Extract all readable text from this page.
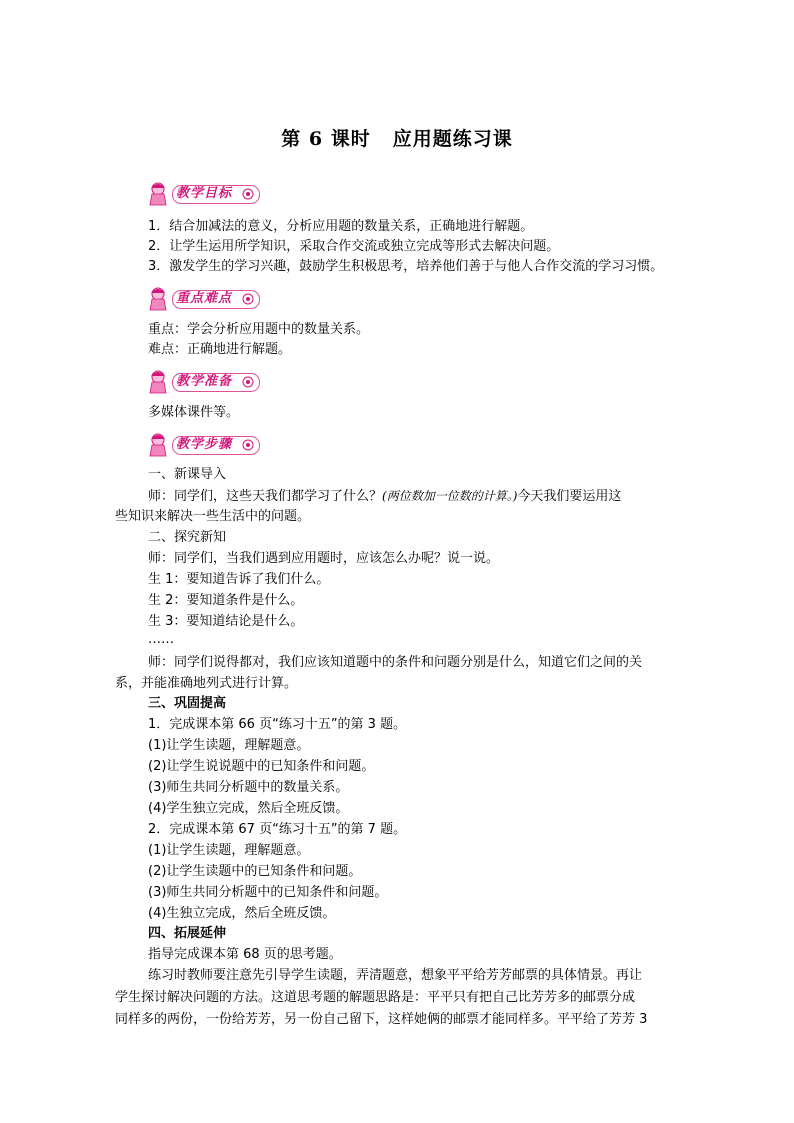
第 6 课时 应用题练习课
教学目标
1．结合加减法的意义，分析应用题的数量关系，正确地进行解题。
2．让学生运用所学知识，采取合作交流或独立完成等形式去解决问题。
3．激发学生的学习兴趣，鼓励学生积极思考，培养他们善于与他人合作交流的学习习惯。
重点难点
重点：学会分析应用题中的数量关系。
难点：正确地进行解题。
教学准备
多媒体课件等。
教学步骤
一、新课导入
师：同学们，这些天我们都学习了什么？(两位数加一位数的计算。)今天我们要运用这
些知识来解决一些生活中的问题。
二、探究新知
师：同学们，当我们遇到应用题时，应该怎么办呢？说一说。
生 1：要知道告诉了我们什么。
生 2：要知道条件是什么。
生 3：要知道结论是什么。
……
师：同学们说得都对，我们应该知道题中的条件和问题分别是什么，知道它们之间的关
系，并能准确地列式进行计算。
三、巩固提高
1．完成课本第 66 页“练习十五”的第 3 题。
(1)让学生读题，理解题意。
(2)让学生说说题中的已知条件和问题。
(3)师生共同分析题中的数量关系。
(4)学生独立完成，然后全班反馈。
2．完成课本第 67 页“练习十五”的第 7 题。
(1)让学生读题，理解题意。
(2)让学生读题中的已知条件和问题。
(3)师生共同分析题中的已知条件和问题。
(4)生独立完成，然后全班反馈。
四、拓展延伸
指导完成课本第 68 页的思考题。
练习时教师要注意先引导学生读题，弄清题意，想象平平给芳芳邮票的具体情景。再让
学生探讨解决问题的方法。这道思考题的解题思路是：平平只有把自己比芳芳多的邮票分成
同样多的两份，一份给芳芳，另一份自己留下，这样她俩的邮票才能同样多。平平给了芳芳 3
